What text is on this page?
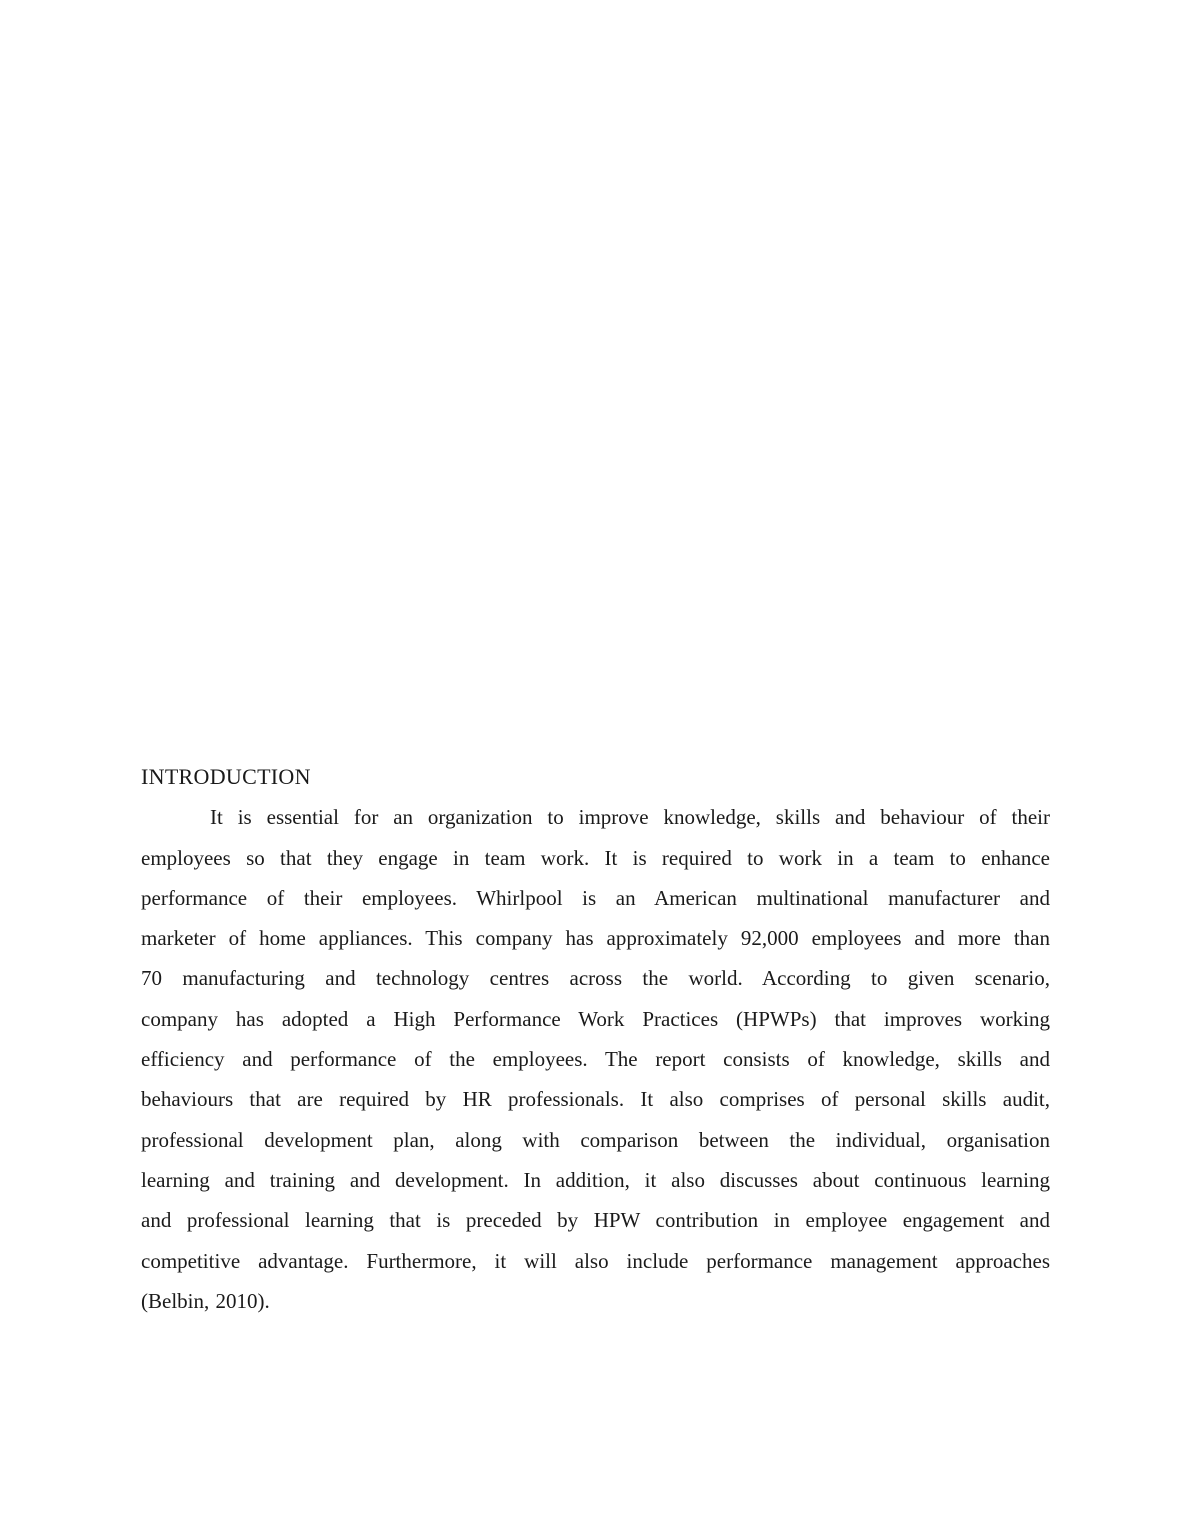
INTRODUCTION
It is essential for an organization to improve knowledge, skills and behaviour of their
employees so that they engage in team work. It is required to work in a team to enhance
performance of their employees. Whirlpool is an American multinational manufacturer and
marketer of home appliances. This company has approximately 92,000 employees and more than
70 manufacturing and technology centres across the world. According to given scenario,
company has adopted a High Performance Work Practices (HPWPs) that improves working
efficiency and performance of the employees. The report consists of knowledge, skills and
behaviours that are required by HR professionals. It also comprises of personal skills audit,
professional development plan, along with comparison between the individual, organisation
learning and training and development. In addition, it also discusses about continuous learning
and professional learning that is preceded by HPW contribution in employee engagement and
competitive advantage. Furthermore, it will also include performance management approaches
(Belbin, 2010).
